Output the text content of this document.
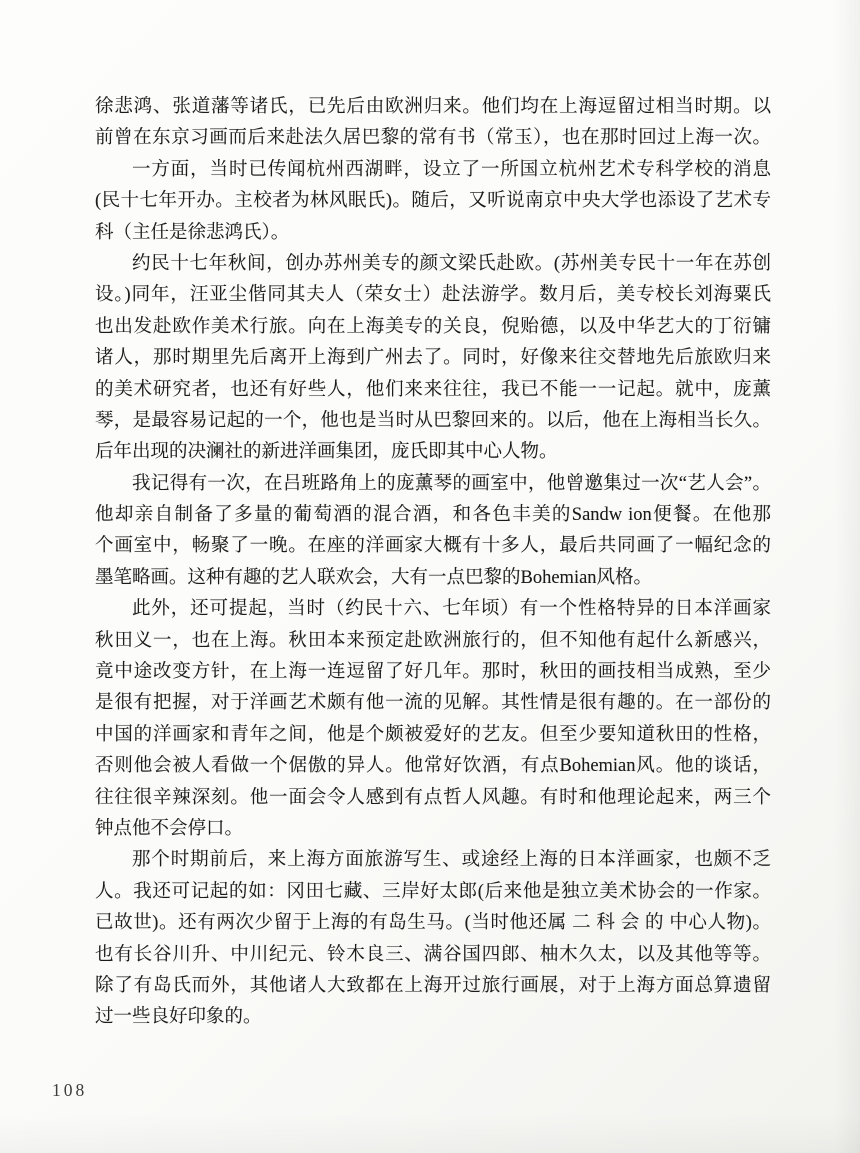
徐悲鸿、张道藩等诸氏，已先后由欧洲归来。他们均在上海逗留过相当时期。以
前曾在东京习画而后来赴法久居巴黎的常有书（常玉），也在那时回过上海一次。
一方面，当时已传闻杭州西湖畔，设立了一所国立杭州艺术专科学校的消息
(民十七年开办。主校者为林风眠氏)。随后，又听说南京中央大学也添设了艺术专
科（主任是徐悲鸿氏）。
约民十七年秋间，创办苏州美专的颜文梁氏赴欧。(苏州美专民十一年在苏创
设。)同年，汪亚尘偕同其夫人（荣女士）赴法游学。数月后，美专校长刘海粟氏
也出发赴欧作美术行旅。向在上海美专的关良，倪贻德，以及中华艺大的丁衍镛
诸人，那时期里先后离开上海到广州去了。同时，好像来往交替地先后旅欧归来
的美术研究者，也还有好些人，他们来来往往，我已不能一一记起。就中，庞薰
琴，是最容易记起的一个，他也是当时从巴黎回来的。以后，他在上海相当长久。
后年出现的决澜社的新进洋画集团，庞氏即其中心人物。
我记得有一次，在吕班路角上的庞薰琴的画室中，他曾邀集过一次“艺人会”。
他却亲自制备了多量的葡萄酒的混合酒，和各色丰美的Sandw ion便餐。在他那
个画室中，畅聚了一晚。在座的洋画家大概有十多人，最后共同画了一幅纪念的
墨笔略画。这种有趣的艺人联欢会，大有一点巴黎的Bohemian风格。
此外，还可提起，当时（约民十六、七年顷）有一个性格特异的日本洋画家
秋田义一，也在上海。秋田本来预定赴欧洲旅行的，但不知他有起什么新感兴，
竟中途改变方针，在上海一连逗留了好几年。那时，秋田的画技相当成熟，至少
是很有把握，对于洋画艺术颇有他一流的见解。其性情是很有趣的。在一部份的
中国的洋画家和青年之间，他是个颇被爱好的艺友。但至少要知道秋田的性格，
否则他会被人看做一个倨傲的异人。他常好饮酒，有点Bohemian风。他的谈话，
往往很辛辣深刻。他一面会令人感到有点哲人风趣。有时和他理论起来，两三个
钟点他不会停口。
那个时期前后，来上海方面旅游写生、或途经上海的日本洋画家，也颇不乏
人。我还可记起的如：冈田七藏、三岸好太郎(后来他是独立美术协会的一作家。
已故世)。还有两次少留于上海的有岛生马。(当时他还属 二 科 会 的 中心人物)。
也有长谷川升、中川纪元、铃木良三、满谷国四郎、柚木久太，以及其他等等。
除了有岛氏而外，其他诸人大致都在上海开过旅行画展，对于上海方面总算遗留
过一些良好印象的。
108
